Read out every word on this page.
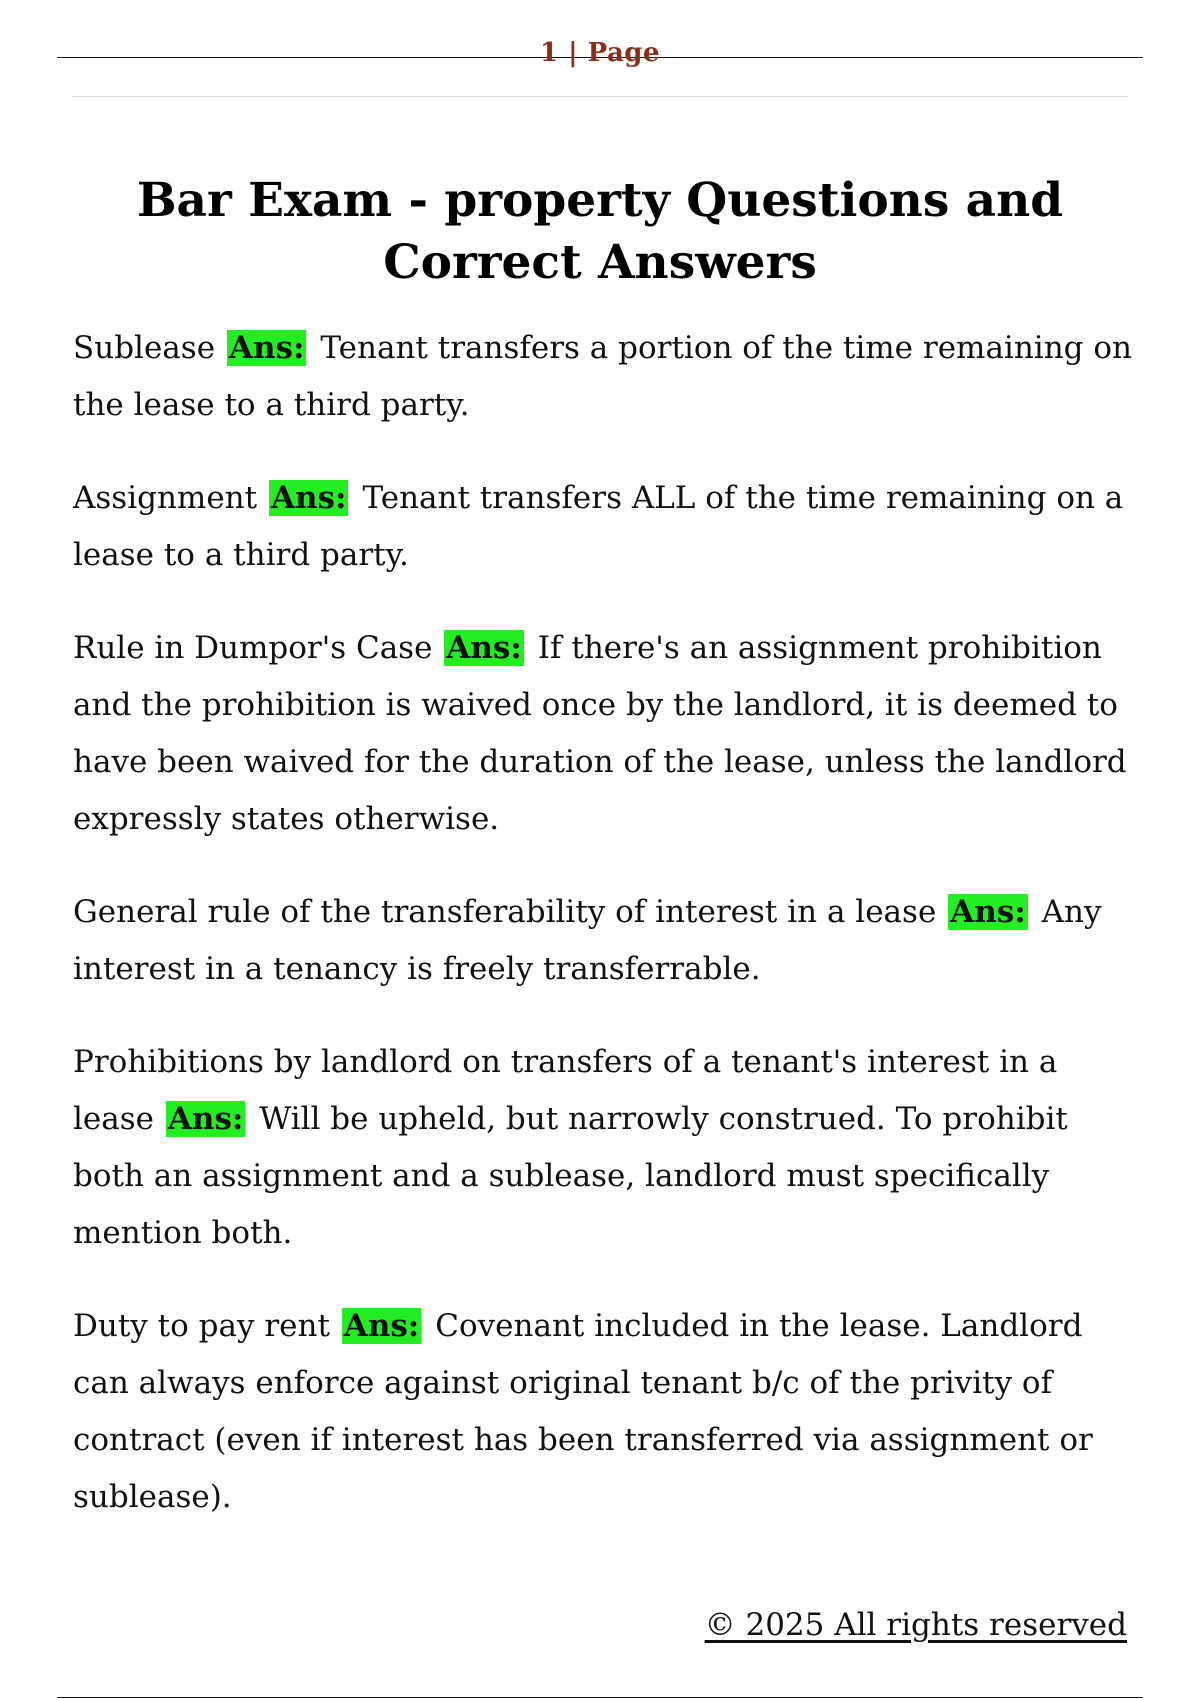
1 | Page
Bar Exam - property Questions and Correct Answers

Sublease Ans: Tenant transfers a portion of the time remaining on the lease to a third party.

Assignment Ans: Tenant transfers ALL of the time remaining on a lease to a third party.

Rule in Dumpor's Case Ans: If there's an assignment prohibition and the prohibition is waived once by the landlord, it is deemed to have been waived for the duration of the lease, unless the landlord expressly states otherwise.

General rule of the transferability of interest in a lease Ans: Any interest in a tenancy is freely transferrable.

Prohibitions by landlord on transfers of a tenant's interest in a lease Ans: Will be upheld, but narrowly construed. To prohibit both an assignment and a sublease, landlord must specifically mention both.

Duty to pay rent Ans: Covenant included in the lease. Landlord can always enforce against original tenant b/c of the privity of contract (even if interest has been transferred via assignment or sublease).

© 2025 All rights reserved
